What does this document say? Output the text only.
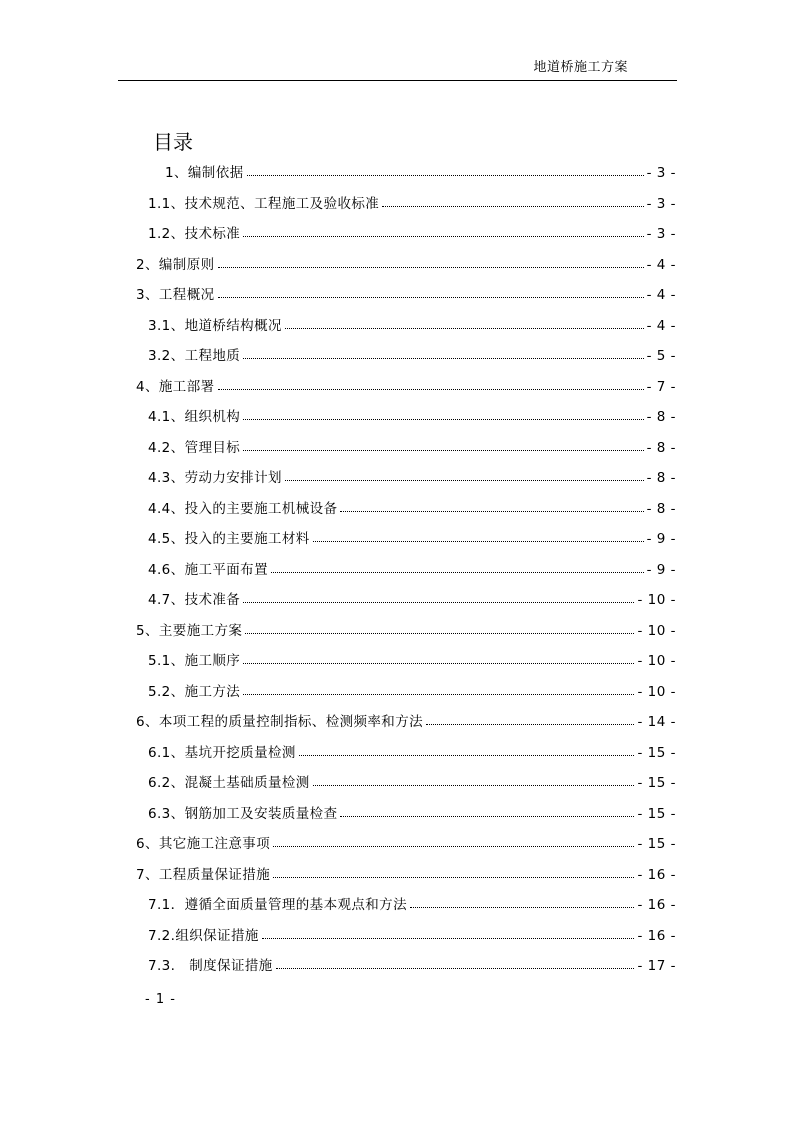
地道桥施工方案
目录
1、编制依据	- 3 -
1.1、技术规范、工程施工及验收标准	- 3 -
1.2、技术标准	- 3 -
2、编制原则	- 4 -
3、工程概况	- 4 -
3.1、地道桥结构概况	- 4 -
3.2、工程地质	- 5 -
4、施工部署	- 7 -
4.1、组织机构	- 8 -
4.2、管理目标	- 8 -
4.3、劳动力安排计划	- 8 -
4.4、投入的主要施工机械设备	- 8 -
4.5、投入的主要施工材料	- 9 -
4.6、施工平面布置	- 9 -
4.7、技术准备	- 10 -
5、主要施工方案	- 10 -
5.1、施工顺序	- 10 -
5.2、施工方法	- 10 -
6、本项工程的质量控制指标、检测频率和方法	- 14 -
6.1、基坑开挖质量检测	- 15 -
6.2、混凝土基础质量检测	- 15 -
6.3、钢筋加工及安装质量检查	- 15 -
6、其它施工注意事项	- 15 -
7、工程质量保证措施	- 16 -
7.1．遵循全面质量管理的基本观点和方法	- 16 -
7.2.组织保证措施	- 16 -
7.3.　制度保证措施	- 17 -
- 1 -
